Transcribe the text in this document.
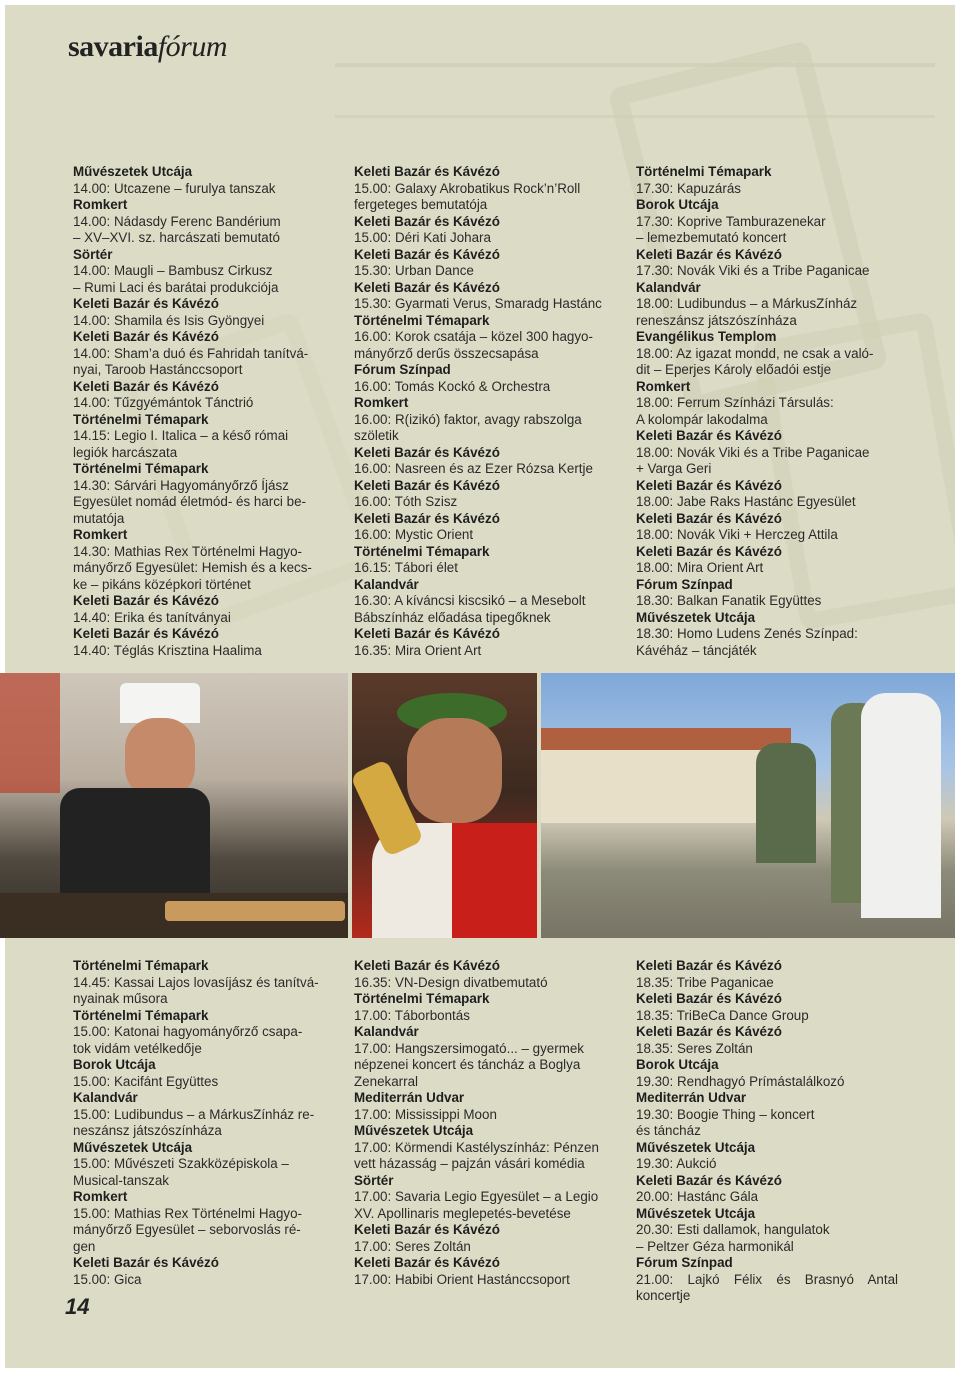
savariafórum
Művészetek Utcája
14.00: Utcazene – furulya tanszak
Romkert
14.00: Nádasdy Ferenc Bandérium
– XV–XVI. sz. harcászati bemutató
Sörtér
14.00: Maugli – Bambusz Cirkusz
– Rumi Laci és barátai produkciója
Keleti Bazár és Kávézó
14.00: Shamila és Isis Gyöngyei
Keleti Bazár és Kávézó
14.00: Sham’a duó és Fahridah tanítvá-
nyai, Taroob Hastánccsoport
Keleti Bazár és Kávézó
14.00: Tűzgyémántok Tánctrió
Történelmi Témapark
14.15: Legio I. Italica – a késő római
legiók harcászata
Történelmi Témapark
14.30: Sárvári Hagyományőrző Íjász
Egyesület nomád életmód- és harci be-
mutatója
Romkert
14.30: Mathias Rex Történelmi Hagyo-
mányőrző Egyesület: Hemish és a kecs-
ke – pikáns középkori történet
Keleti Bazár és Kávézó
14.40: Erika és tanítványai
Keleti Bazár és Kávézó
14.40: Téglás Krisztina Haalima
Keleti Bazár és Kávézó
15.00: Galaxy Akrobatikus Rock’n’Roll
fergeteges bemutatója
Keleti Bazár és Kávézó
15.00: Déri Kati Johara
Keleti Bazár és Kávézó
15.30: Urban Dance
Keleti Bazár és Kávézó
15.30: Gyarmati Verus, Smaradg Hastánc
Történelmi Témapark
16.00: Korok csatája – közel 300 hagyo-
mányőrző derűs összecsapása
Fórum Színpad
16.00: Tomás Kockó & Orchestra
Romkert
16.00: R(izikó) faktor, avagy rabszolga
szöletik
Keleti Bazár és Kávézó
16.00: Nasreen és az Ezer Rózsa Kertje
Keleti Bazár és Kávézó
16.00: Tóth Szisz
Keleti Bazár és Kávézó
16.00: Mystic Orient
Történelmi Témapark
16.15: Tábori élet
Kalandvár
16.30: A kíváncsi kiscsikó – a Mesebolt
Bábszínház előadása tipegőknek
Keleti Bazár és Kávézó
16.35: Mira Orient Art
Történelmi Témapark
17.30: Kapuzárás
Borok Utcája
17.30: Koprive Tamburazenekar
– lemezbemutató koncert
Keleti Bazár és Kávézó
17.30: Novák Viki és a Tribe Paganicae
Kalandvár
18.00: Ludibundus – a MárkusZínház
reneszánsz játszószínháza
Evangélikus Templom
18.00: Az igazat mondd, ne csak a való-
dit – Eperjes Károly előadói estje
Romkert
18.00: Ferrum Színházi Társulás:
A kolompár lakodalma
Keleti Bazár és Kávézó
18.00: Novák Viki és a Tribe Paganicae
+ Varga Geri
Keleti Bazár és Kávézó
18.00: Jabe Raks Hastánc Egyesület
Keleti Bazár és Kávézó
18.00: Novák Viki + Herczeg Attila
Keleti Bazár és Kávézó
18.00: Mira Orient Art
Fórum Színpad
18.30: Balkan Fanatik Együttes
Művészetek Utcája
18.30: Homo Ludens Zenés Színpad:
Kávéház – táncjáték
Történelmi Témapark
14.45: Kassai Lajos lovasíjász és tanítvá-
nyainak műsora
Történelmi Témapark
15.00: Katonai hagyományőrző csapa-
tok vidám vetélkedője
Borok Utcája
15.00: Kacifánt Együttes
Kalandvár
15.00: Ludibundus – a MárkusZínház re-
neszánsz játszószínháza
Művészetek Utcája
15.00: Művészeti Szakközépiskola –
Musical-tanszak
Romkert
15.00: Mathias Rex Történelmi Hagyo-
mányőrző Egyesület – seborvoslás ré-
gen
Keleti Bazár és Kávézó
15.00: Gica
Keleti Bazár és Kávézó
16.35: VN-Design divatbemutató
Történelmi Témapark
17.00: Táborbontás
Kalandvár
17.00: Hangszersimogató... – gyermek
népzenei koncert és táncház a Boglya
Zenekarral
Mediterrán Udvar
17.00: Mississippi Moon
Művészetek Utcája
17.00: Körmendi Kastélyszínház: Pénzen
vett házasság – pajzán vásári komédia
Sörtér
17.00: Savaria Legio Egyesület – a Legio
XV. Apollinaris meglepetés-bevetése
Keleti Bazár és Kávézó
17.00: Seres Zoltán
Keleti Bazár és Kávézó
17.00: Habibi Orient Hastánccsoport
Keleti Bazár és Kávézó
18.35: Tribe Paganicae
Keleti Bazár és Kávézó
18.35: TriBeCa Dance Group
Keleti Bazár és Kávézó
18.35: Seres Zoltán
Borok Utcája
19.30: Rendhagyó Prímástalálkozó
Mediterrán Udvar
19.30: Boogie Thing – koncert
és táncház
Művészetek Utcája
19.30: Aukció
Keleti Bazár és Kávézó
20.00: Hastánc Gála
Művészetek Utcája
20.30: Esti dallamok, hangulatok
– Peltzer Géza harmonikál
Fórum Színpad
21.00: Lajkó Félix és Brasnyó Antal koncertje
14
